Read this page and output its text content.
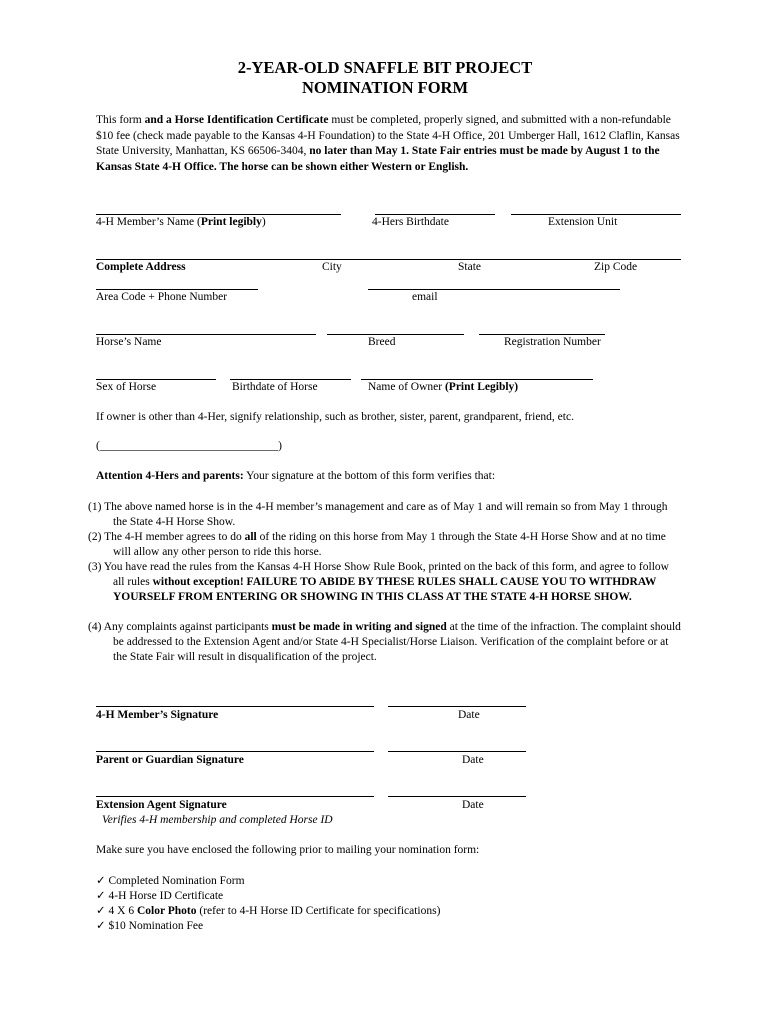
2-YEAR-OLD SNAFFLE BIT PROJECT
NOMINATION FORM
This form and a Horse Identification Certificate must be completed, properly signed, and submitted with a non-refundable $10 fee (check made payable to the Kansas 4-H Foundation) to the State 4-H Office, 201 Umberger Hall, 1612 Claflin, Kansas State University, Manhattan, KS 66506-3404, no later than May 1. State Fair entries must be made by August 1 to the Kansas State 4-H Office. The horse can be shown either Western or English.
4-H Member’s Name (Print legibly)	4-Hers Birthdate	Extension Unit
Complete Address	City	State	Zip Code
Area Code + Phone Number	email
Horse’s Name	Breed	Registration Number
Sex of Horse	Birthdate of Horse	Name of Owner (Print Legibly)
If owner is other than 4-Her, signify relationship, such as brother, sister, parent, grandparent, friend, etc.
(_______________________________)
Attention 4-Hers and parents: Your signature at the bottom of this form verifies that:
(1) The above named horse is in the 4-H member’s management and care as of May 1 and will remain so from May 1 through the State 4-H Horse Show.
(2) The 4-H member agrees to do all of the riding on this horse from May 1 through the State 4-H Horse Show and at no time will allow any other person to ride this horse.
(3) You have read the rules from the Kansas 4-H Horse Show Rule Book, printed on the back of this form, and agree to follow all rules without exception! FAILURE TO ABIDE BY THESE RULES SHALL CAUSE YOU TO WITHDRAW YOURSELF FROM ENTERING OR SHOWING IN THIS CLASS AT THE STATE 4-H HORSE SHOW.
(4) Any complaints against participants must be made in writing and signed at the time of the infraction. The complaint should be addressed to the Extension Agent and/or State 4-H Specialist/Horse Liaison. Verification of the complaint before or at the State Fair will result in disqualification of the project.
4-H Member’s Signature	Date
Parent or Guardian Signature	Date
Extension Agent Signature	Date
Verifies 4-H membership and completed Horse ID
Make sure you have enclosed the following prior to mailing your nomination form:
✓ Completed Nomination Form
✓ 4-H Horse ID Certificate
✓ 4 X 6 Color Photo (refer to 4-H Horse ID Certificate for specifications)
✓ $10 Nomination Fee
